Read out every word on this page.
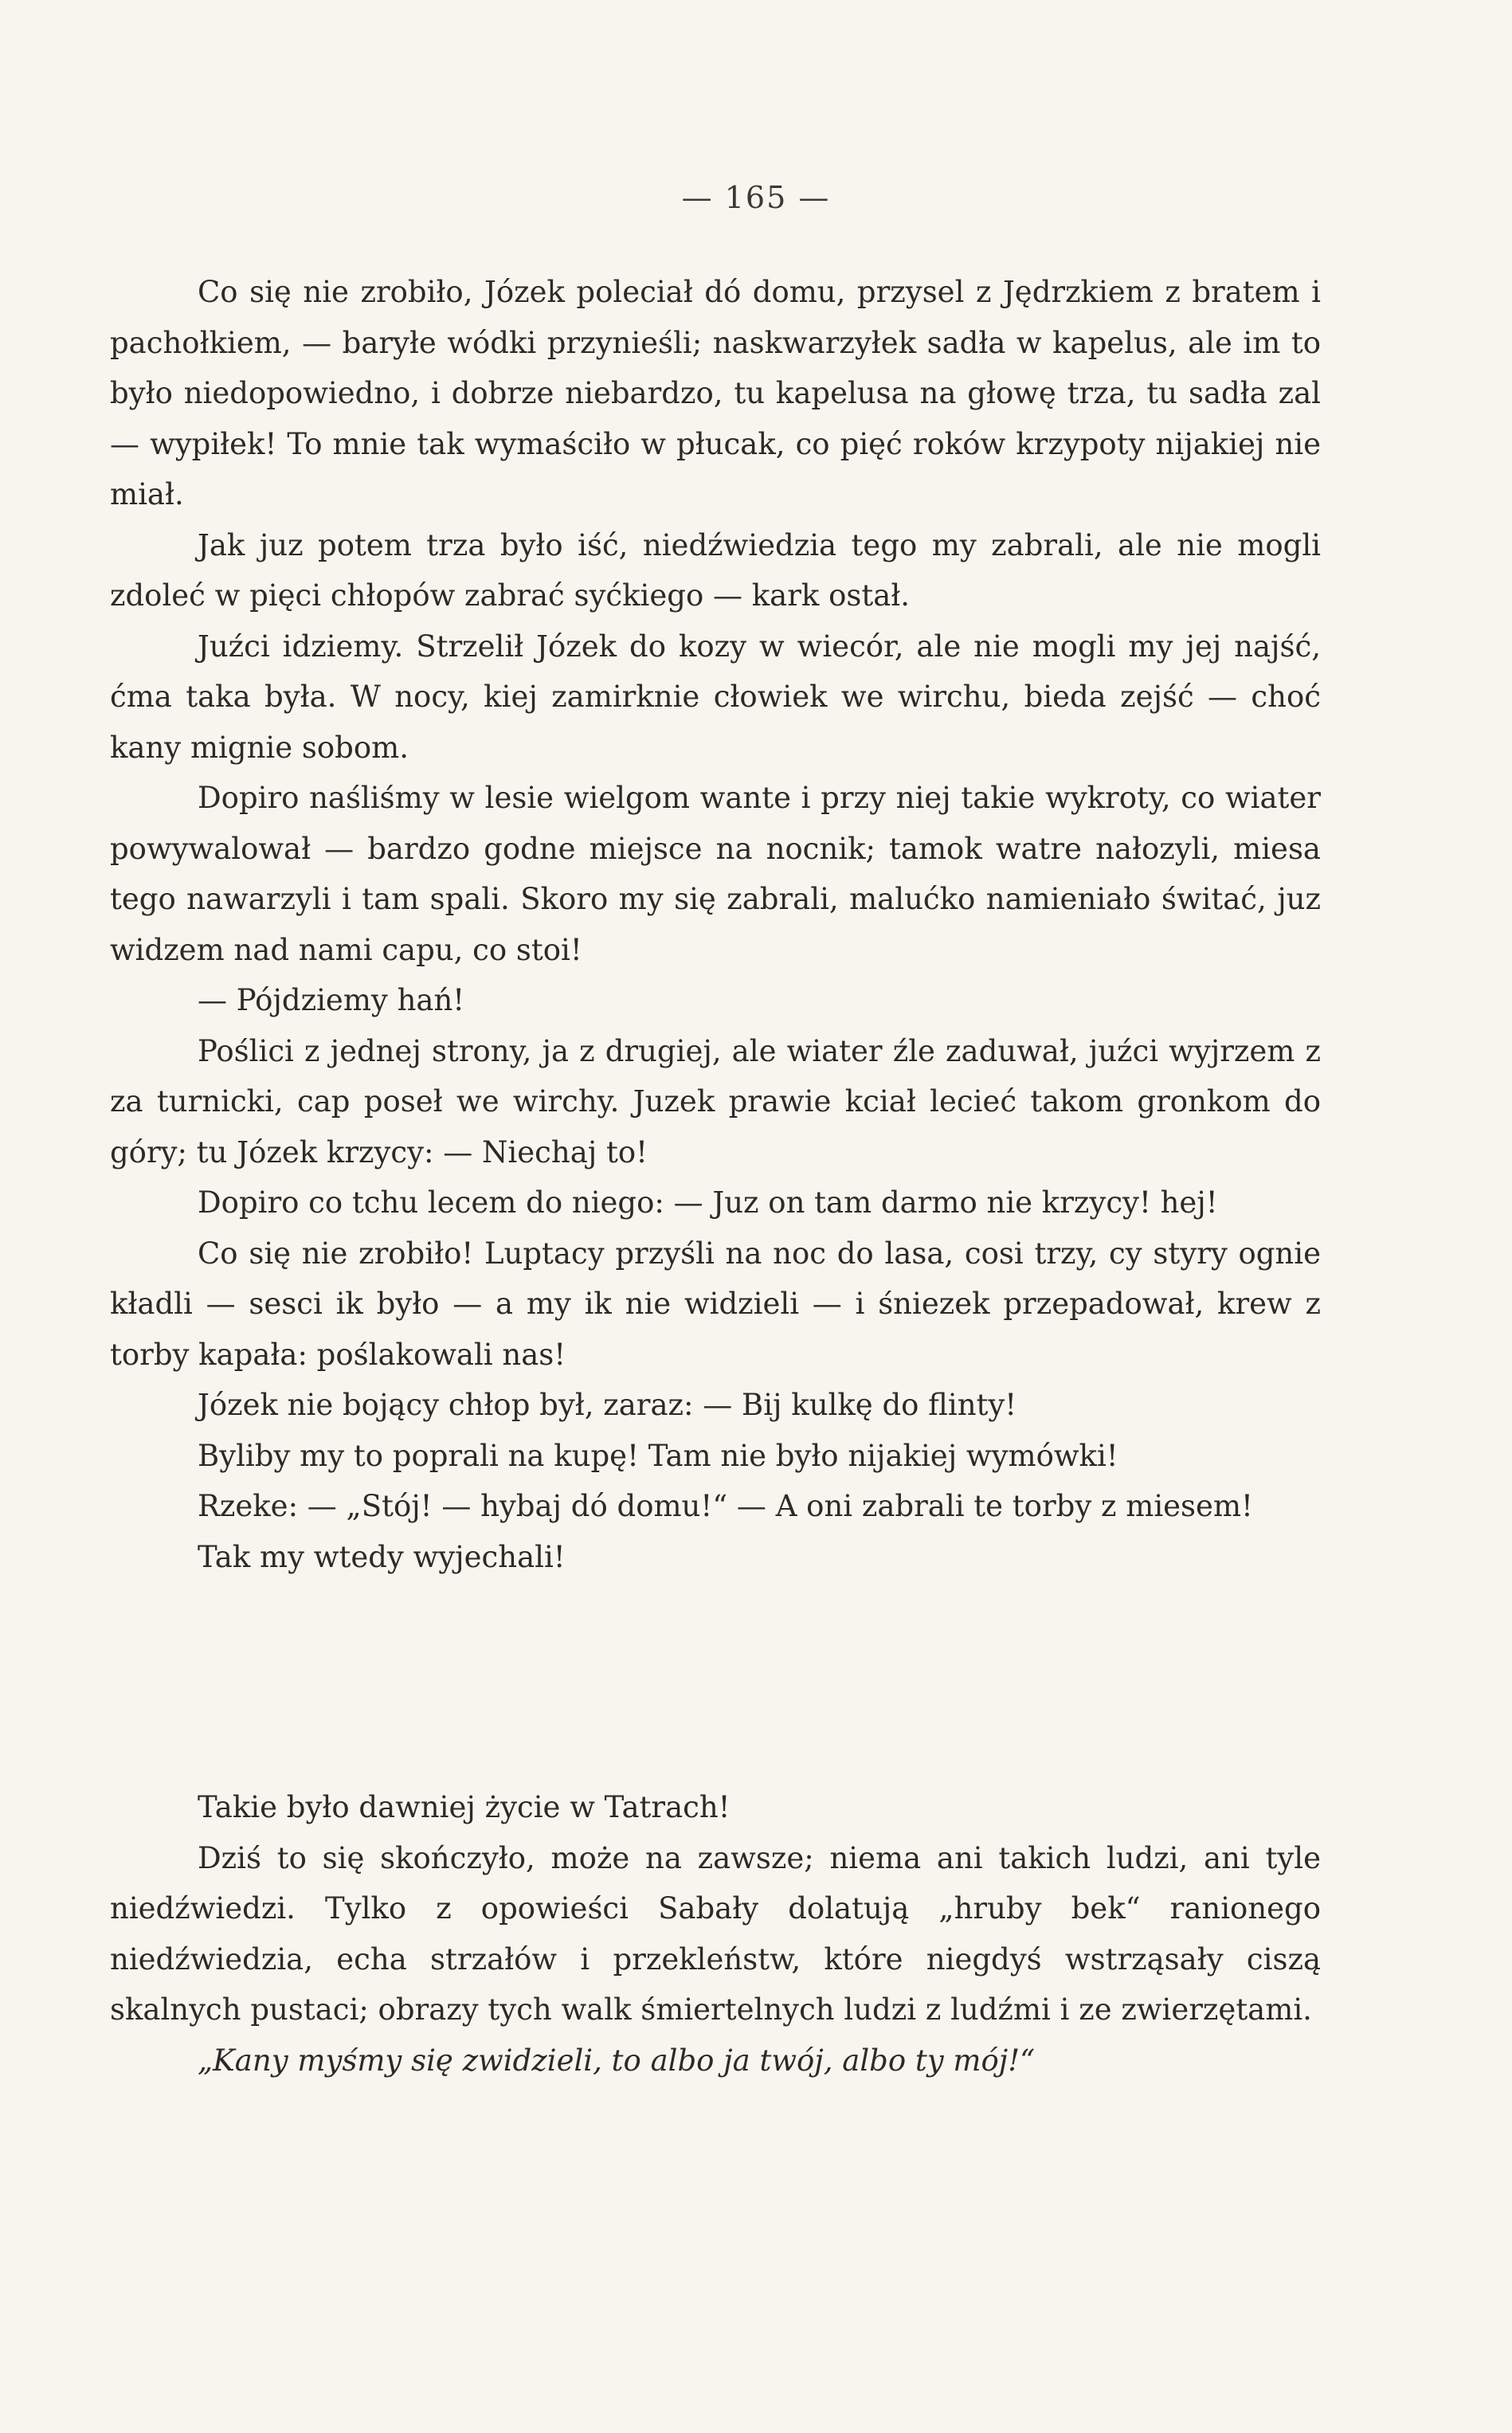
— 165 —

Co się nie zrobiło, Józek poleciał dó domu, przysel z Jędrzkiem z bratem i pachołkiem, — baryłe wódki przynieśli; naskwarzyłek sadła w kapelus, ale im to było niedopowiedno, i dobrze niebardzo, tu kapelusa na głowę trza, tu sadła zal — wypiłek! To mnie tak wymaściło w płucak, co pięć roków krzypoty nijakiej nie miał.

Jak juz potem trza było iść, niedźwiedzia tego my zabrali, ale nie mogli zdoleć w pięci chłopów zabrać syćkiego — kark ostał.

Juźci idziemy. Strzelił Józek do kozy w wiecór, ale nie mogli my jej najść, ćma taka była. W nocy, kiej zamirknie cłowiek we wirchu, bieda zejść — choć kany mignie sobom.

Dopiro naśliśmy w lesie wielgom wante i przy niej takie wykroty, co wiater powywalował — bardzo godne miejsce na nocnik; tamok watre nałozyli, miesa tego nawarzyli i tam spali. Skoro my się zabrali, malućko namieniało świtać, juz widzem nad nami capu, co stoi!

— Pójdziemy hań!

Poślici z jednej strony, ja z drugiej, ale wiater źle zaduwał, juźci wyjrzem z za turnicki, cap poseł we wirchy. Juzek prawie kciał lecieć takom gronkom do góry; tu Józek krzycy: — Niechaj to!

Dopiro co tchu lecem do niego: — Juz on tam darmo nie krzycy! hej!

Co się nie zrobiło! Luptacy przyśli na noc do lasa, cosi trzy, cy styry ognie kładli — sesci ik było — a my ik nie widzieli — i śniezek przepadował, krew z torby kapała: poślakowali nas!

Józek nie bojący chłop był, zaraz: — Bij kulkę do flinty!

Byliby my to poprali na kupę! Tam nie było nijakiej wymówki!

Rzeke: — „Stój! — hybaj dó domu!“ — A oni zabrali te torby z miesem!

Tak my wtedy wyjechali!

Takie było dawniej życie w Tatrach!

Dziś to się skończyło, może na zawsze; niema ani takich ludzi, ani tyle niedźwiedzi. Tylko z opowieści Sabały dolatują „hruby bek“ ranionego niedźwiedzia, echa strzałów i przekleństw, które niegdyś wstrząsały ciszą skalnych pustaci; obrazy tych walk śmiertelnych ludzi z ludźmi i ze zwierzętami.

„Kany myśmy się zwidzieli, to albo ja twój, albo ty mój!“
